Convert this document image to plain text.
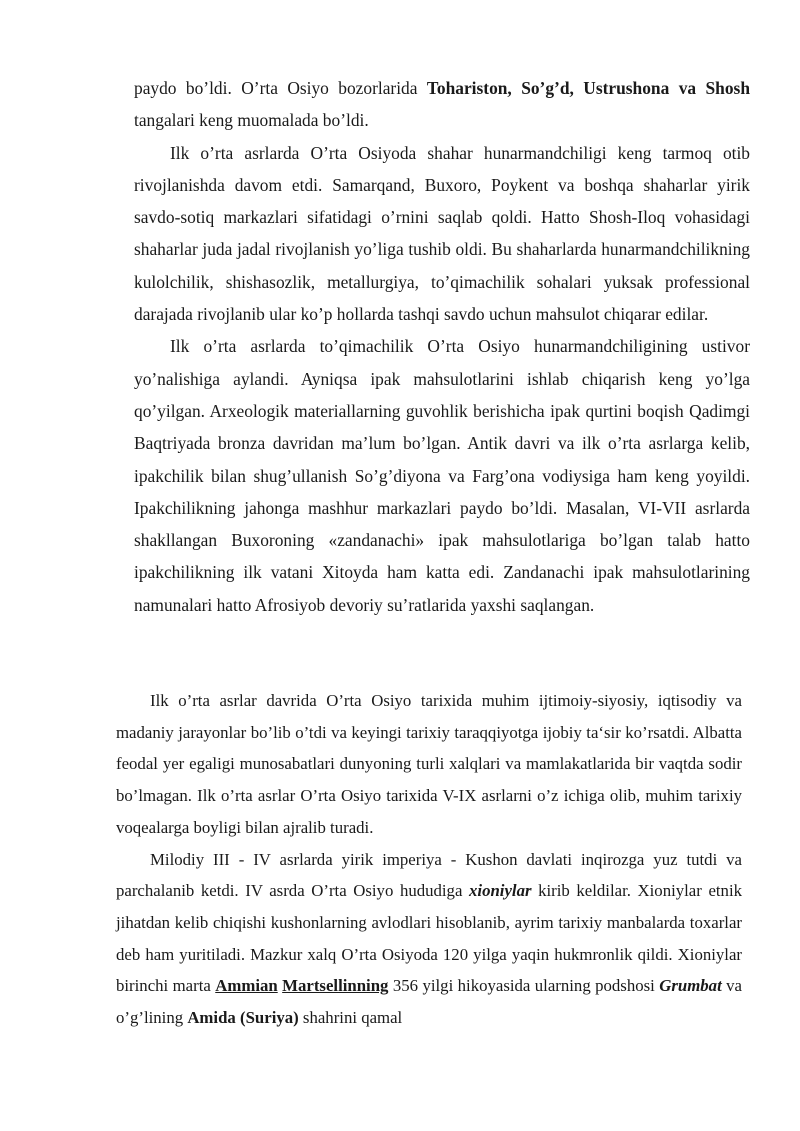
paydo bo’ldi. O’rta Osiyo bozorlarida Tohariston, So’g’d, Ustrushona va Shosh tangalari keng muomalada bo’ldi.

Ilk o’rta asrlarda O’rta Osiyoda shahar hunarmandchiligi keng tarmoq otib rivojlanishda davom etdi. Samarqand, Buxoro, Poykent va boshqa shaharlar yirik savdo-sotiq markazlari sifatidagi o’rnini saqlab qoldi. Hatto Shosh-Iloq vohasidagi shaharlar juda jadal rivojlanish yo’liga tushib oldi. Bu shaharlarda hunarmandchilikning kulolchilik, shishasozlik, metallurgiya, to’qimachilik sohalari yuksak professional darajada rivojlanib ular ko’p hollarda tashqi savdo uchun mahsulot chiqarar edilar.

Ilk o’rta asrlarda to’qimachilik O’rta Osiyo hunarmandchiligining ustivor yo’nalishiga aylandi. Ayniqsa ipak mahsulotlarini ishlab chiqarish keng yo’lga qo’yilgan. Arxeologik materiallarning guvohlik berishicha ipak qurtini boqish Qadimgi Baqtriyada bronza davridan ma’lum bo’lgan. Antik davri va ilk o’rta asrlarga kelib, ipakchilik bilan shug’ullanish So’g’diyona va Farg’ona vodiysiga ham keng yoyildi. Ipakchilikning jahonga mashhur markazlari paydo bo’ldi. Masalan, VI-VII asrlarda shakllangan Buxoroning «zandanachi» ipak mahsulotlariga bo’lgan talab hatto ipakchilikning ilk vatani Xitoyda ham katta edi. Zandanachi ipak mahsulotlarining namunalari hatto Afrosiyob devoriy su’ratlarida yaxshi saqlangan.

Ilk o’rta asrlar davrida O’rta Osiyo tarixida muhim ijtimoiy-siyosiy, iqtisodiy va madaniy jarayonlar bo’lib o’tdi va keyingi tarixiy taraqqiyotga ijobiy ta‘sir ko’rsatdi. Albatta feodal yer egaligi munosabatlari dunyoning turli xalqlari va mamlakatlarida bir vaqtda sodir bo’lmagan. Ilk o’rta asrlar O’rta Osiyo tarixida V-IX asrlarni o’z ichiga olib, muhim tarixiy voqealarga boyligi bilan ajralib turadi.

Milodiy III - IV asrlarda yirik imperiya - Kushon davlati inqirozga yuz tutdi va parchalanib ketdi. IV asrda O’rta Osiyo hududiga xioniylar kirib keldilar. Xioniylar etnik jihatdan kelib chiqishi kushonlarning avlodlari hisoblanib, ayrim tarixiy manbalarda toxarlar deb ham yuritiladi. Mazkur xalq O’rta Osiyoda 120 yilga yaqin hukmronlik qildi. Xioniylar birinchi marta Ammian Martsellinning 356 yilgi hikoyasida ularning podshosi Grumbat va o’g’lining Amida (Suriya) shahrini qamal
